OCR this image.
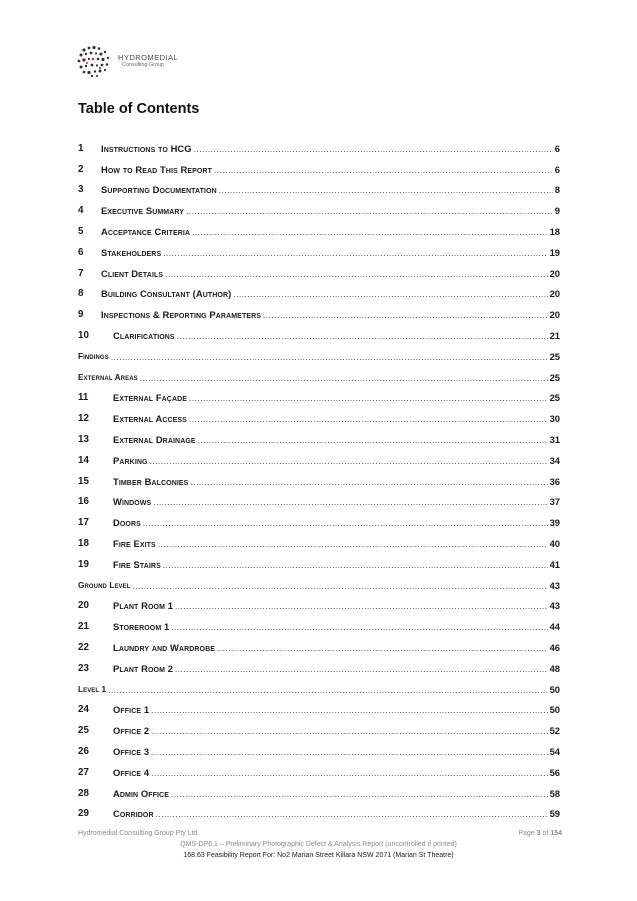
HYDROMEDIAL
Consulting Group
Table of Contents
1	Instructions to HCG .....	6
2	How to Read This Report .....	6
3	Supporting Documentation .....	8
4	Executive Summary .....	9
5	Acceptance Criteria .....	18
6	Stakeholders .....	19
7	Client Details .....	20
8	Building Consultant (Author) .....	20
9	Inspections & Reporting Parameters .....	20
10	Clarifications .....	21
Findings .....	25
External Areas .....	25
11	External Façade .....	25
12	External Access .....	30
13	External Drainage .....	31
14	Parking .....	34
15	Timber Balconies .....	36
16	Windows .....	37
17	Doors .....	39
18	Fire Exits .....	40
19	Fire Stairs .....	41
Ground Level .....	43
20	Plant Room 1 .....	43
21	Storeroom 1 .....	44
22	Laundry and Wardrobe .....	46
23	Plant Room 2 .....	48
Level 1 .....	50
24	Office 1 .....	50
25	Office 2 .....	52
26	Office 3 .....	54
27	Office 4 .....	56
28	Admin Office .....	58
29	Corridor .....	59
Hydromedial Consulting Group Pty Ltd	Page 3 of 154
QMS-DP6.1 – Preliminary Photographic Defect & Analysis Report (uncontrolled if printed)
168.63 Feasibility Report For: No2 Marian Street Killara NSW 2071 (Marian St Theatre)
